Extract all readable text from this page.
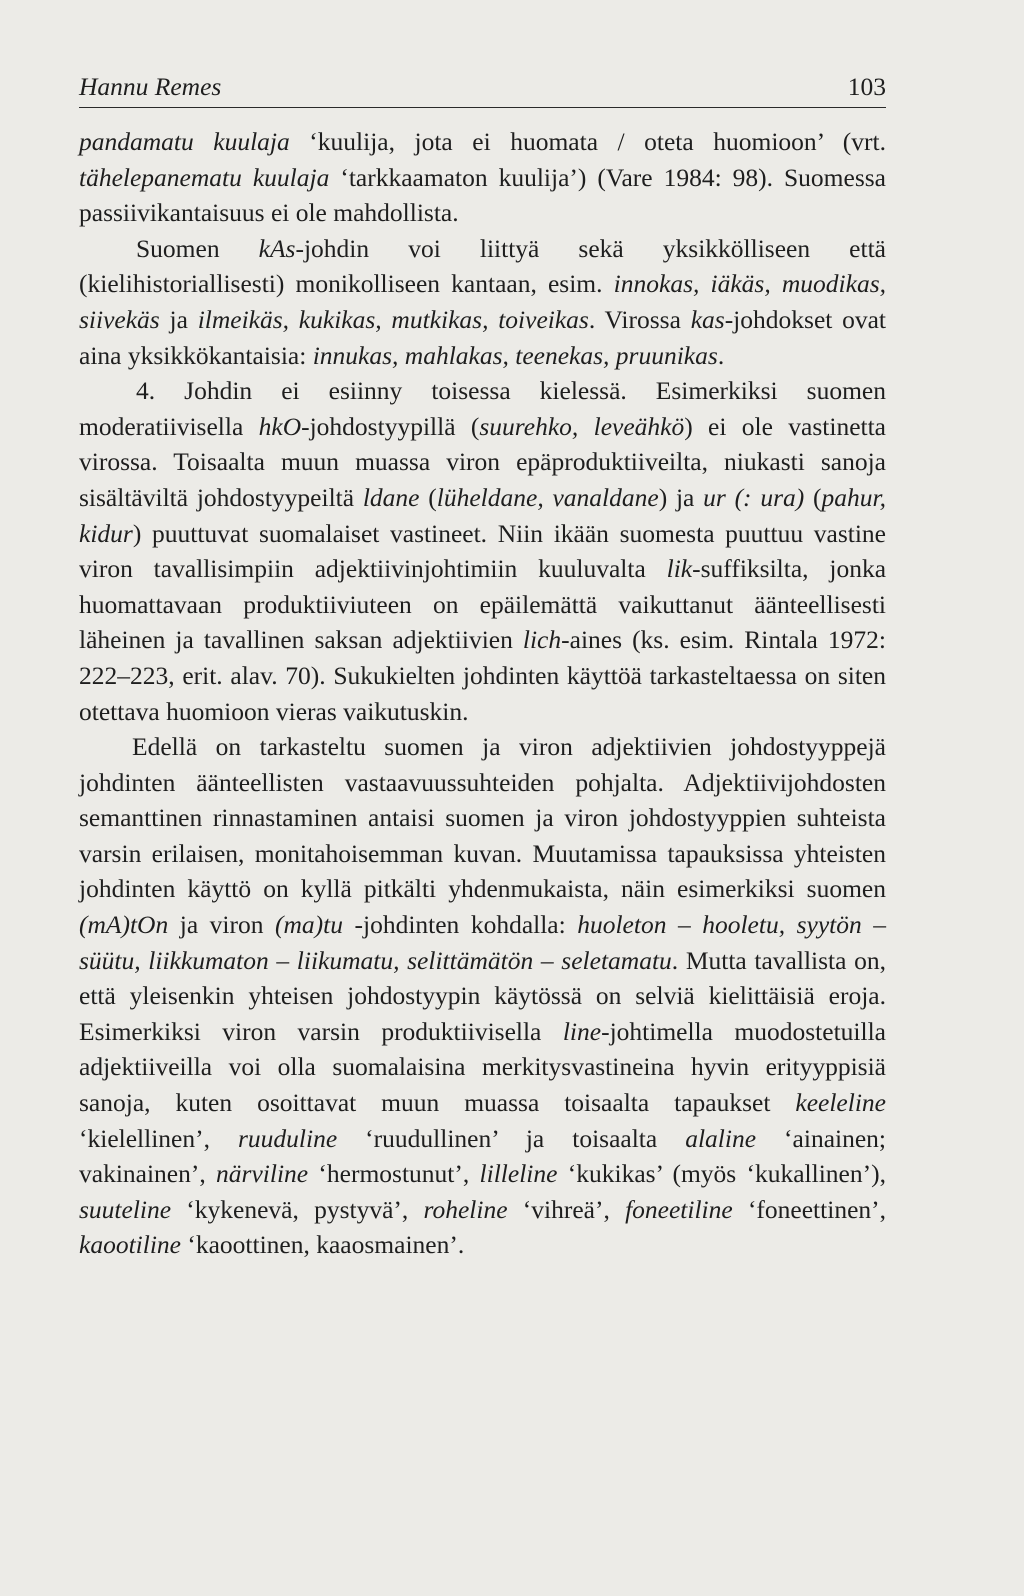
Hannu Remes	103

pandamatu kuulaja ‘kuulija, jota ei huomata / oteta huomioon’ (vrt. tähelepanematu kuulaja ‘tarkkaamaton kuulija’) (Vare 1984: 98). Suomessa passiivikantaisuus ei ole mahdollista.

Suomen kAs-johdin voi liittyä sekä yksikkölliseen että (kielihistoriallisesti) monikolliseen kantaan, esim. innokas, iäkäs, muodikas, siivekäs ja ilmeikäs, kukikas, mutkikas, toiveikas. Virossa kas-johdokset ovat aina yksikkökantaisia: innukas, mahlakas, teenekas, pruunikas.

4. Johdin ei esiinny toisessa kielessä. Esimerkiksi suomen moderatiivisella hkO-johdostyypillä (suurehko, leveähkö) ei ole vastinetta virossa. Toisaalta muun muassa viron epäproduktiiveilta, niukasti sanoja sisältäviltä johdostyypeiltä ldane (lüheldane, vanaldane) ja ur (: ura) (pahur, kidur) puuttuvat suomalaiset vastineet. Niin ikään suomesta puuttuu vastine viron tavallisimpiin adjektiivinjohtimiin kuuluvalta lik-suffiksilta, jonka huomattavaan produktiiviuteen on epäilemättä vaikuttanut äänteellisesti läheinen ja tavallinen saksan adjektiivien lich-aines (ks. esim. Rintala 1972: 222–223, erit. alav. 70). Sukukielten johdinten käyttöä tarkasteltaessa on siten otettava huomioon vieras vaikutuskin.

Edellä on tarkasteltu suomen ja viron adjektiivien johdostyyppejä johdinten äänteellisten vastaavuussuhteiden pohjalta. Adjektiivijohdosten semanttinen rinnastaminen antaisi suomen ja viron johdostyyppien suhteista varsin erilaisen, monitahoisemman kuvan. Muutamissa tapauksissa yhteisten johdinten käyttö on kyllä pitkälti yhdenmukaista, näin esimerkiksi suomen (mA)tOn ja viron (ma)tu -johdinten kohdalla: huoleton – hooletu, syytön – süütu, liikkumaton – liikumatu, selittämätön – seletamatu. Mutta tavallista on, että yleisenkin yhteisen johdostyypin käytössä on selviä kielittäisiä eroja. Esimerkiksi viron varsin produktiivisella line-johtimella muodostetuilla adjektiiveilla voi olla suomalaisina merkitysvastineina hyvin erityyppisiä sanoja, kuten osoittavat muun muassa toisaalta tapaukset keeleline ‘kielellinen’, ruuduline ‘ruudullinen’ ja toisaalta alaline ‘ainainen; vakinainen’, närviline ‘hermostunut’, lilleline ‘kukikas’ (myös ‘kukallinen’), suuteline ‘kykenevä, pystyvä’, roheline ‘vihreä’, foneetiline ‘foneettinen’, kaootiline ‘kaoottinen, kaaosmainen’.
